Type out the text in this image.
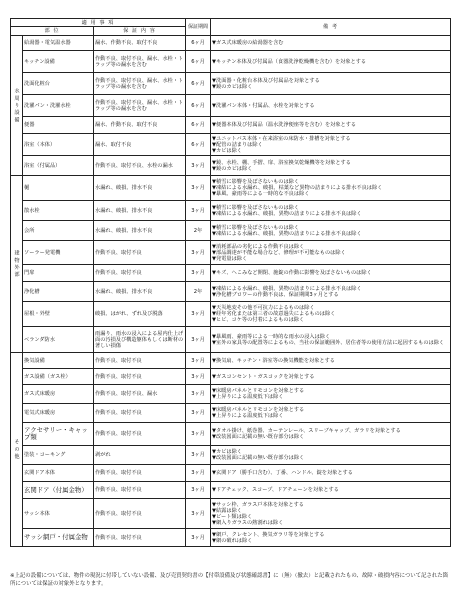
適 用 事 項			保証期間	備 考
部 位		保 証 内 容		
水周り設備	給湯器・電気温水器	漏水、作動不良、取付不良	6ヶ月	▼ガス式床暖房の給湯器を含む

	キッチン設備	作動不良、取付不良、漏水、水栓・トラップ等の漏水を含む	6ヶ月	▼キッチン本体及び付属品（食器洗浄乾燥機を含む）を対象とする

	洗面化粧台	作動不良、取付不良、漏水、水栓・トラップ等の漏水を含む	6ヶ月	▼洗面器・化粧台本体及び付属品を対象とする
▼鏡のカビは除く

	洗濯パン・洗濯水栓	作動不良、取付不良、漏水、水栓・トラップ等の漏水を含む	6ヶ月	▼洗濯パン本体・付属品、水栓を対象とする

	便器	漏水、作動不良、取付不良	6ヶ月	▼便器本体及び付属品（温水洗浄便座等を含む）を対象とする

	浴室（本体）	漏水、取付不良	6ヶ月	▼ユニットバス本体・在来浴室の床防水・排槽を対象とする
▼配管の詰まりは除く
▼カビは除く

	浴室（付属品）	作動不良、取付不良、水栓の漏水	3ヶ月	▼鏡、水栓、棚、手摺、扉、浴室換気乾燥機等を対象とする
▼鏡のカビは除く

建物外部	樋	水漏れ、破損、排水不良	3ヶ月	▼積雪に影響を及ぼさないものは除く
▼凍結による水漏れ、破損、枯葉など異物の詰まりによる排水不良は除く
▼暴風、豪雨等による一時的な不良は除く

	散水栓	水漏れ、破損、排水不良	3ヶ月	▼積雪に影響を及ぼさないものは除く
▼凍結による水漏れ、破損、異物の詰まりによる排水不良は除く

	会所	水漏れ、破損、排水不良	2年	▼積雪に影響を及ぼさないものは除く
▼凍結による水漏れ、破損、異物の詰まりによる排水不良は除く

	ソーラー発電機	作動不良、取付不良	3ヶ月	▼消耗部品の劣化による作動不良は除く
▼部品調達が不能な場合など、修理が不可能なものは除く
▼発電量は除く

	門扉	作動不良、取付不良	3ヶ月	▼キズ、へこみなど開閉、施錠の作動に影響を及ぼさないものは除く

	浄化槽	水漏れ、破損、排水不良	2年	▼凍結による水漏れ、破損、異物の詰まりによる排水不良は除く
▼浄化槽ブロワーの作動不良は、保証期間3ヶ月とする

	屋根・外壁	破損、はがれ、ずれ及び脱落	3ヶ月	▼天災地変その他不可抗力によるものは除く
▼経年劣化または第三者の故意過失によるものは除く
▼ヒビ、コケ等の付着によるものは除く

	ベランダ防水	雨漏り、雨水の浸入による屋内仕上げ面の汚損及び構造躯体もしくは断材の著しい損傷	3ヶ月	▼暴風雨、豪雨等による一時的な雨水の浸入は除く
▼室外の家具等の配置等によるもの、当社の保証範囲外、居住者等の使用方法に起因するものは除く

その他	換気設備	作動不良、取付不良	3ヶ月	▼換気扇、キッチン・浴室等の換気機能を対象とする

	ガス設備（ガス栓）	作動不良、取付不良	3ヶ月	▼ガスコンセント・ガスコックを対象とする

	ガス式床暖房	作動不良、取付不良、漏水	3ヶ月	▼床暖房パネルとリモコンを対象とする
▼上昇りによる温度低下は除く

	電気式床暖房	作動不良、取付不良	3ヶ月	▼床暖房パネルとリモコンを対象とする
▼上昇りによる温度低下は除く

	アクセサリー・キャップ類	作動不良、取付不良	3ヶ月	▼タオル掛け、紙巻器、カーテンレール、スリーブキャップ、ガラリを対象とする
▼改装図面に記載の無い既存部分は除く

	塗装・コーキング	剥がれ	3ヶ月	▼カビは除く
▼改装図面に記載の無い既存部分は除く

	玄関ドア本体	作動不良、取付不良	3ヶ月	▼玄関ドア（勝手口含む）、丁番、ハンドル、錠を対象とする

	玄関ドア（付属金物）	作動不良、取付不良	3ヶ月	▼ドアチェック、スコープ、ドアチェーンを対象とする

	サッシ本体	作動不良、取付不良	3ヶ月	▼サッシ枠、ガラス戸本体を対象とする
▼結露は除く
▼ビート類は除く
▼網入りガラスの熱割れは除く

	サッシ網戸・付属金物	作動不良、取付不良	3ヶ月	▼網戸、クレセント、換気ガラリ等を対象とする
▼網の破れは除く

※上記の設備については、物件の現況に付帯していない設備、及び売買契約書の【付帯設備及び状態確認書】に（無）（撤去）と記載されたもの、故障・破損内容について記された箇所については保証の対象外となります。
